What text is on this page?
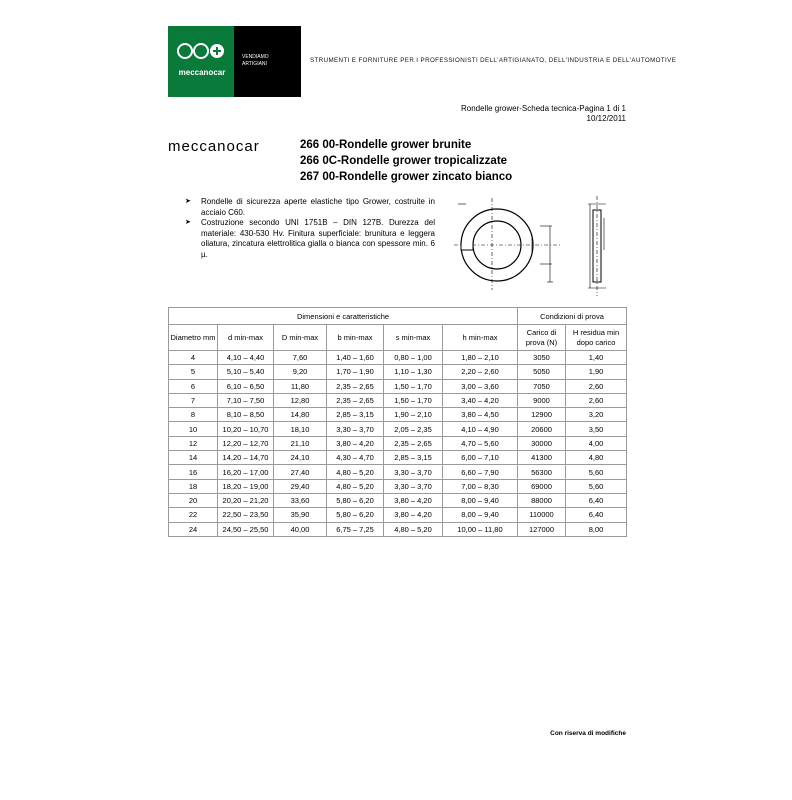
meccanocar
VENDIAMO ARTIGIANI	STRUMENTI E FORNITURE PER I PROFESSIONISTI DELL'ARTIGIANATO, DELL'INDUSTRIA E DELL'AUTOMOTIVE
Rondelle grower-Scheda tecnica-Pagina 1 di 1
10/12/2011
meccanocar	266 00-Rondelle grower brunite
266 0C-Rondelle grower tropicalizzate
267 00-Rondelle grower zincato bianco
➤	Rondelle di sicurezza aperte elastiche tipo Grower, costruite in acciaio C60.
➤	Costruzione secondo UNI 1751B – DIN 127B. Durezza del materiale: 430-530 Hv. Finitura superficiale: brunitura e leggera oliatura, zincatura elettrolitica gialla o bianca con spessore min. 6 µ.
Dimensioni e caratteristiche						Condizioni di prova	
Diametro mm	d min-max	D min-max	b min-max	s min-max	h min-max	Carico di prova (N)	H residua min dopo carico
4	4,10 – 4,40	7,60	1,40 – 1,60	0,80 – 1,00	1,80 – 2,10	3050	1,40
5	5,10 – 5,40	9,20	1,70 – 1,90	1,10 – 1,30	2,20 – 2,60	5050	1,90
6	6,10 – 6,50	11,80	2,35 – 2,65	1,50 – 1,70	3,00 – 3,60	7050	2,60
7	7,10 – 7,50	12,80	2,35 – 2,65	1,50 – 1,70	3,40 – 4,20	9000	2,60
8	8,10 – 8,50	14,80	2,85 – 3,15	1,90 – 2,10	3,80 – 4,50	12900	3,20
10	10,20 – 10,70	18,10	3,30 – 3,70	2,05 – 2,35	4,10 – 4,90	20600	3,50
12	12,20 – 12,70	21,10	3,80 – 4,20	2,35 – 2,65	4,70 – 5,60	30000	4,00
14	14,20 – 14,70	24,10	4,30 – 4,70	2,85 – 3,15	6,00 – 7,10	41300	4,80
16	16,20 – 17,00	27,40	4,80 – 5,20	3,30 – 3,70	6,60 – 7,90	56300	5,60
18	18,20 – 19,00	29,40	4,80 – 5,20	3,30 – 3,70	7,00 – 8,30	69000	5,60
20	20,20 – 21,20	33,60	5,80 – 6,20	3,80 – 4,20	8,00 – 9,40	88000	6,40
22	22,50 – 23,50	35,90	5,80 – 6,20	3,80 – 4,20	8,00 – 9,40	110000	6,40
24	24,50 – 25,50	40,00	6,75 – 7,25	4,80 – 5,20	10,00 – 11,80	127000	8,00
Con riserva di modifiche
